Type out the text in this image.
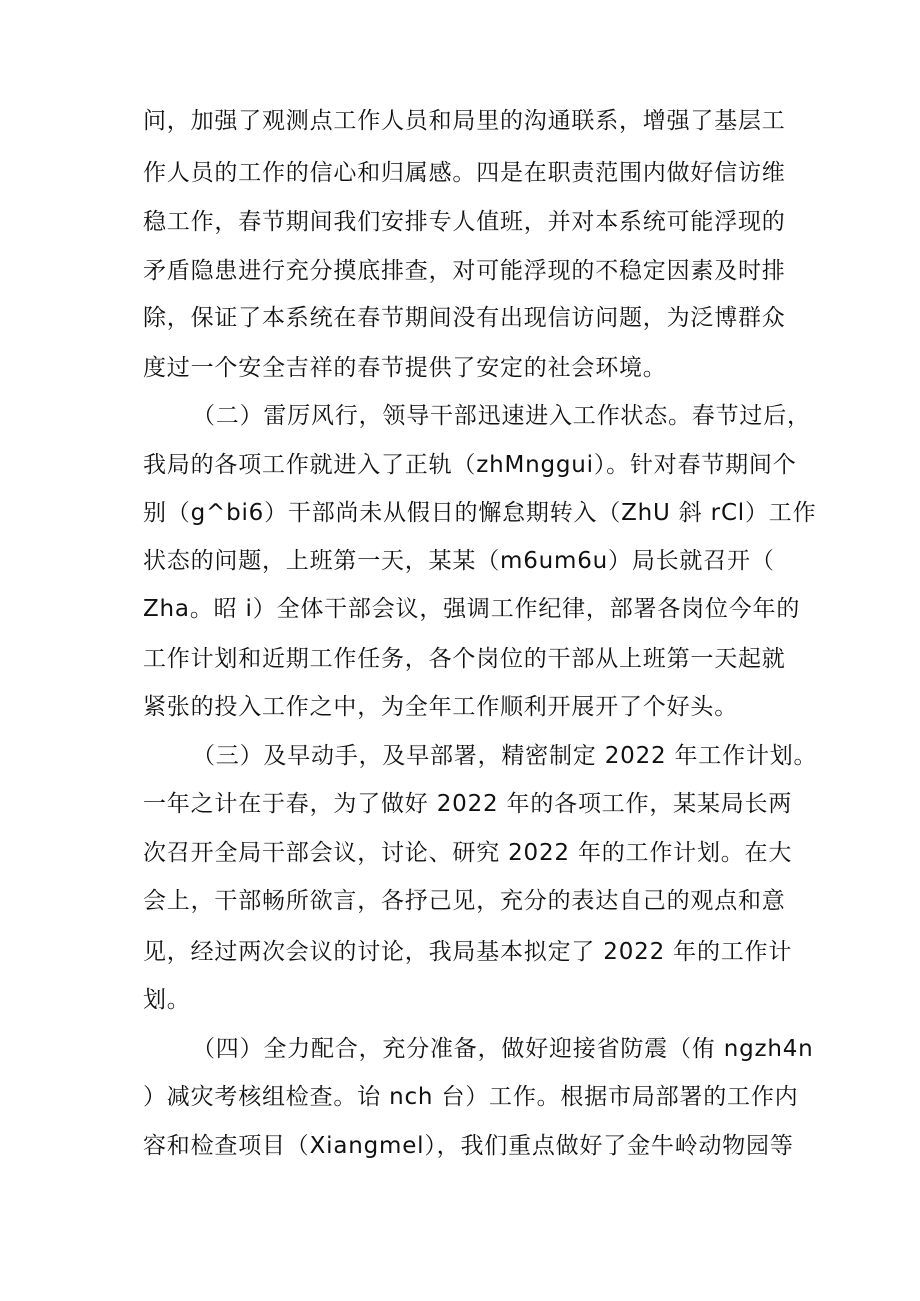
问，加强了观测点工作人员和局里的沟通联系，增强了基层工
作人员的工作的信心和归属感。四是在职责范围内做好信访维
稳工作，春节期间我们安排专人值班，并对本系统可能浮现的
矛盾隐患进行充分摸底排查，对可能浮现的不稳定因素及时排
除，保证了本系统在春节期间没有出现信访问题，为泛博群众
度过一个安全吉祥的春节提供了安定的社会环境。
（二）雷厉风行，领导干部迅速进入工作状态。春节过后，
我局的各项工作就进入了正轨（zhMnggui）。针对春节期间个
别（g^bi6）干部尚未从假日的懈怠期转入（ZhU 斜 rCl）工作
状态的问题，上班第一天，某某（m6um6u）局长就召开（
Zha。昭 i）全体干部会议，强调工作纪律，部署各岗位今年的
工作计划和近期工作任务，各个岗位的干部从上班第一天起就
紧张的投入工作之中，为全年工作顺利开展开了个好头。
（三）及早动手，及早部署，精密制定 2022 年工作计划。
一年之计在于春，为了做好 2022 年的各项工作，某某局长两
次召开全局干部会议，讨论、研究 2022 年的工作计划。在大
会上，干部畅所欲言，各抒己见，充分的表达自己的观点和意
见，经过两次会议的讨论，我局基本拟定了 2022 年的工作计
划。
（四）全力配合，充分准备，做好迎接省防震（侑 ngzh4n
）减灾考核组检查。诒 nch 台）工作。根据市局部署的工作内
容和检查项目（Xiangmel），我们重点做好了金牛岭动物园等
